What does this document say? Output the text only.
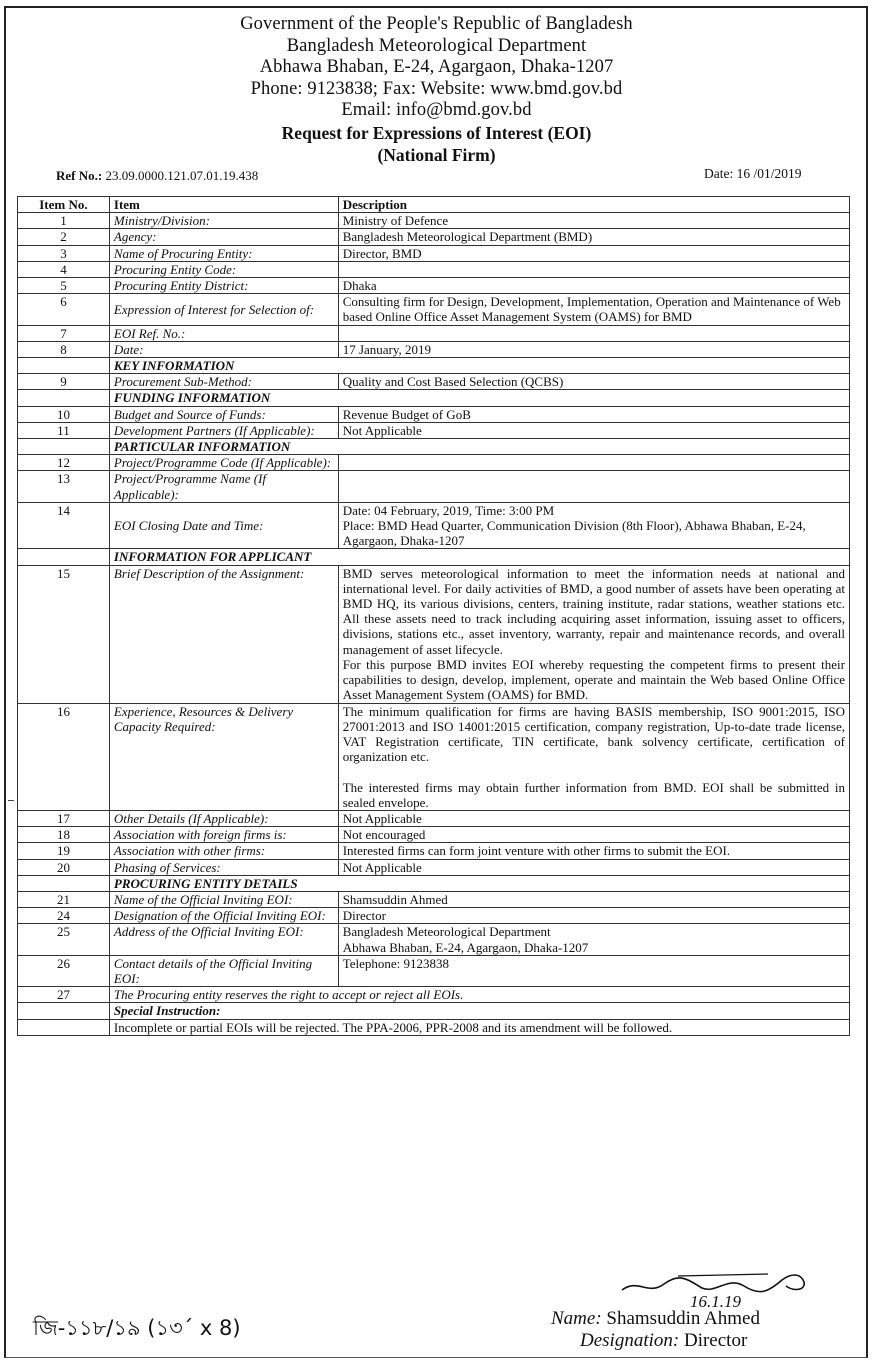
Government of the People's Republic of Bangladesh
Bangladesh Meteorological Department
Abhawa Bhaban, E-24, Agargaon, Dhaka-1207
Phone: 9123838; Fax: Website: www.bmd.gov.bd
Email: info@bmd.gov.bd
Request for Expressions of Interest (EOI)
(National Firm)
Ref No.: 23.09.0000.121.07.01.19.438	Date: 16 /01/2019
Item No.	Item	Description
1	Ministry/Division:	Ministry of Defence
2	Agency:	Bangladesh Meteorological Department (BMD)
3	Name of Procuring Entity:	Director, BMD
4	Procuring Entity Code:	
5	Procuring Entity District:	Dhaka
6	Expression of Interest for Selection of:	Consulting firm for Design, Development, Implementation, Operation and Maintenance of Web based Online Office Asset Management System (OAMS) for BMD
7	EOI Ref. No.:	
8	Date:	17 January, 2019
	KEY INFORMATION	
9	Procurement Sub-Method:	Quality and Cost Based Selection (QCBS)
	FUNDING INFORMATION	
10	Budget and Source of Funds:	Revenue Budget of GoB
11	Development Partners (If Applicable):	Not Applicable
	PARTICULAR INFORMATION	
12	Project/Programme Code (If Applicable):	
13	Project/Programme Name (If Applicable):	
14	EOI Closing Date and Time:	Date: 04 February, 2019, Time: 3:00 PM
Place: BMD Head Quarter, Communication Division (8th Floor), Abhawa Bhaban, E-24, Agargaon, Dhaka-1207
	INFORMATION FOR APPLICANT	
15	Brief Description of the Assignment:	BMD serves meteorological information to meet the information needs at national and international level. For daily activities of BMD, a good number of assets have been operating at BMD HQ, its various divisions, centers, training institute, radar stations, weather stations etc. All these assets need to track including acquiring asset information, issuing asset to officers, divisions, stations etc., asset inventory, warranty, repair and maintenance records, and overall management of asset lifecycle.
For this purpose BMD invites EOI whereby requesting the competent firms to present their capabilities to design, develop, implement, operate and maintain the Web based Online Office Asset Management System (OAMS) for BMD.
16	Experience, Resources & Delivery Capacity Required:	The minimum qualification for firms are having BASIS membership, ISO 9001:2015, ISO 27001:2013 and ISO 14001:2015 certification, company registration, Up-to-date trade license, VAT Registration certificate, TIN certificate, bank solvency certificate, certification of organization etc.

The interested firms may obtain further information from BMD. EOI shall be submitted in sealed envelope.
17	Other Details (If Applicable):	Not Applicable
18	Association with foreign firms is:	Not encouraged
19	Association with other firms:	Interested firms can form joint venture with other firms to submit the EOI.
20	Phasing of Services:	Not Applicable
	PROCURING ENTITY DETAILS	
21	Name of the Official Inviting EOI:	Shamsuddin Ahmed
24	Designation of the Official Inviting EOI:	Director
25	Address of the Official Inviting EOI:	Bangladesh Meteorological Department
Abhawa Bhaban, E-24, Agargaon, Dhaka-1207
26	Contact details of the Official Inviting EOI:	Telephone: 9123838
27	The Procuring entity reserves the right to accept or reject all EOIs.	
	Special Instruction:	
	Incomplete or partial EOIs will be rejected. The PPA-2006, PPR-2008 and its amendment will be followed.	
16.1.19
Name: Shamsuddin Ahmed
Designation: Director
জি-১১৮/১৯ (১৩ˊ x 8)
